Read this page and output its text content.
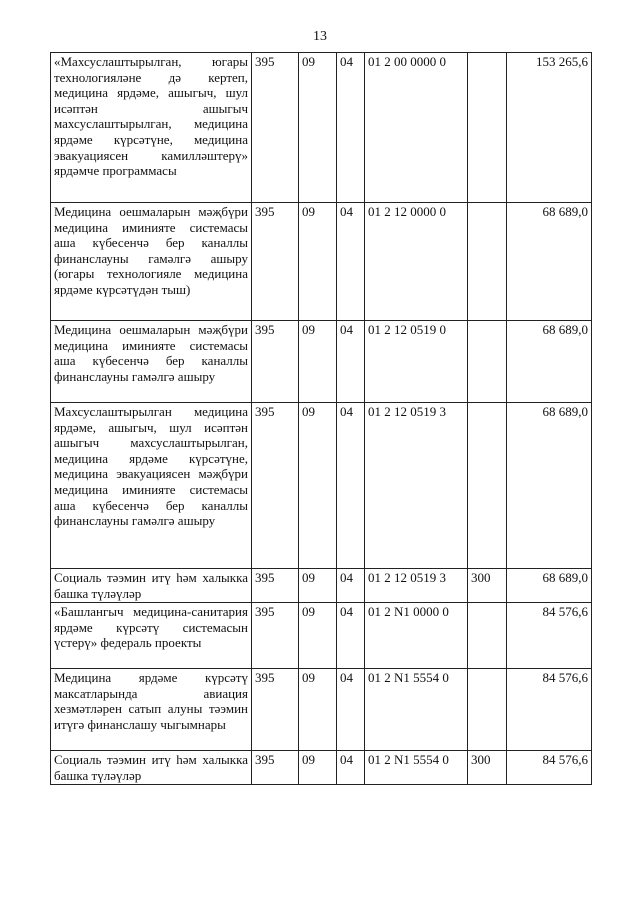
13
«Махсуслаштырылган, югары технологияләне дә кертеп, медицина ярдәме, ашыгыч, шул исәптән ашыгыч махсуслаштырылган, медицина ярдәме күрсәтүне, медицина эвакуациясен камилләштерү» ярдәмче программасы	395	09	04	01 2 00 0000 0		153 265,6
Медицина оешмаларын мәҗбүри медицина иминияте системасы аша күбесенчә бер каналлы финанслауны гамәлгә ашыру (югары технологияле медицина ярдәме күрсәтүдән тыш)	395	09	04	01 2 12 0000 0		68 689,0
Медицина оешмаларын мәҗбүри медицина иминияте системасы аша күбесенчә бер каналлы финанслауны гамәлгә ашыру	395	09	04	01 2 12 0519 0		68 689,0
Махсуслаштырылган медицина ярдәме, ашыгыч, шул исәптән ашыгыч махсуслаштырылган, медицина ярдәме күрсәтүне, медицина эвакуациясен мәҗбүри медицина иминияте системасы аша күбесенчә бер каналлы финанслауны гамәлгә ашыру	395	09	04	01 2 12 0519 3		68 689,0
Социаль тәэмин итү һәм халыкка башка түләүләр	395	09	04	01 2 12 0519 3	300	68 689,0
«Башлангыч медицина-санитария ярдәме күрсәтү системасын үстерү» федераль проекты	395	09	04	01 2 N1 0000 0		84 576,6
Медицина ярдәме күрсәтү максатларында авиация хезмәтләрен сатып алуны тәэмин итүгә финанслашу чыгымнары	395	09	04	01 2 N1 5554 0		84 576,6
Социаль тәэмин итү һәм халыкка башка түләүләр	395	09	04	01 2 N1 5554 0	300	84 576,6
